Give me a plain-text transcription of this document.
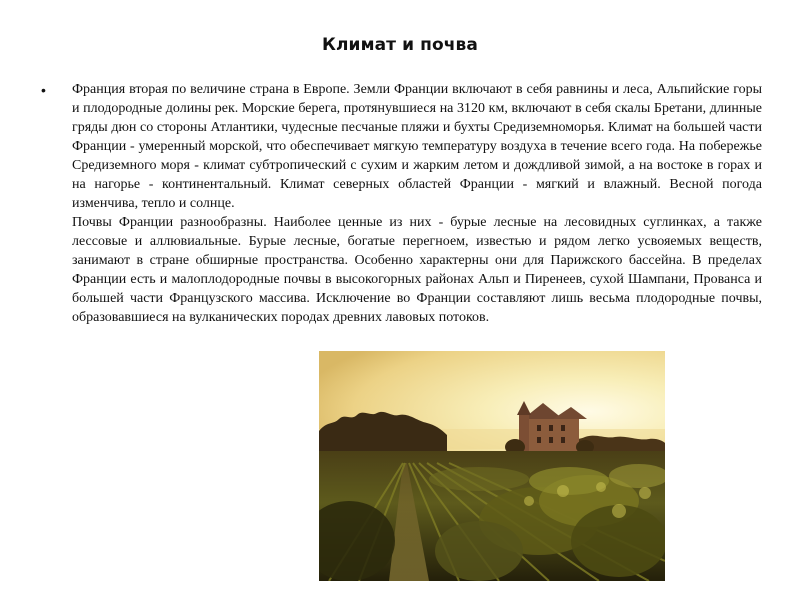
Климат и почва
• Франция вторая по величине страна в Европе. Земли Франции включают в себя равнины и леса, Альпийские горы и плодородные долины рек. Морские берега, протянувшиеся на 3120 км, включают в себя скалы Бретани, длинные гряды дюн со стороны Атлантики, чудесные песчаные пляжи и бухты Средиземноморья. Климат на большей части Франции - умеренный морской, что обеспечивает мягкую температуру воздуха в течение всего года. На побережье Средиземного моря - климат субтропический с сухим и жарким летом и дождливой зимой, а на востоке в горах и на нагорье - континентальный. Климат северных областей Франции - мягкий и влажный. Весной погода изменчива, тепло и солнце.

Почвы Франции разнообразны. Наиболее ценные из них - бурые лесные на лесовидных суглинках, а также лессовые и аллювиальные. Бурые лесные, богатые перегноем, известью и рядом легко усвояемых веществ, занимают в стране обширные пространства. Особенно характерны они для Парижского бассейна. В пределах Франции есть и малоплодородные почвы в высокогорных районах Альп и Пиренеев, сухой Шампани, Прованса и большей части Французского массива. Исключение во Франции составляют лишь весьма плодородные почвы, образовавшиеся на вулканических породах древних лавовых потоков.
